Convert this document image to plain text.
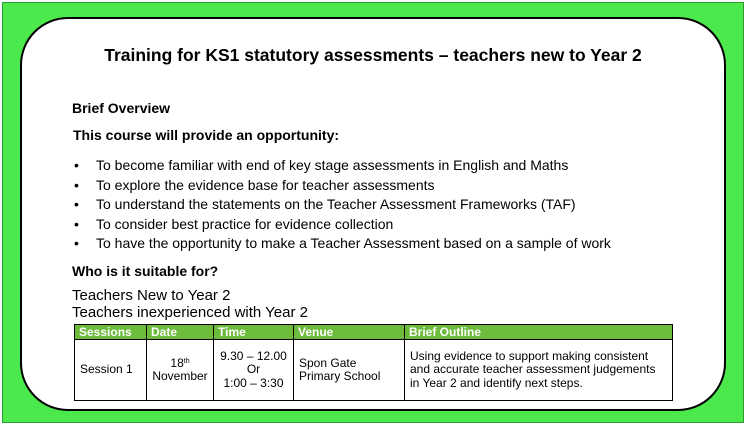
Training for KS1 statutory assessments – teachers new to Year 2
Brief Overview
This course will provide an opportunity:
• To become familiar with end of key stage assessments in English and Maths
• To explore the evidence base for teacher assessments
• To understand the statements on the Teacher Assessment Frameworks (TAF)
• To consider best practice for evidence collection
• To have the opportunity to make a Teacher Assessment based on a sample of work
Who is it suitable for?
Teachers New to Year 2
Teachers inexperienced with Year 2
Sessions	Date	Time	Venue	Brief Outline
Session 1	18th
November	9.30 – 12.00
Or
1:00 – 3:30	Spon Gate
Primary School	Using evidence to support making consistent and accurate teacher assessment judgements in Year 2 and identify next steps.
